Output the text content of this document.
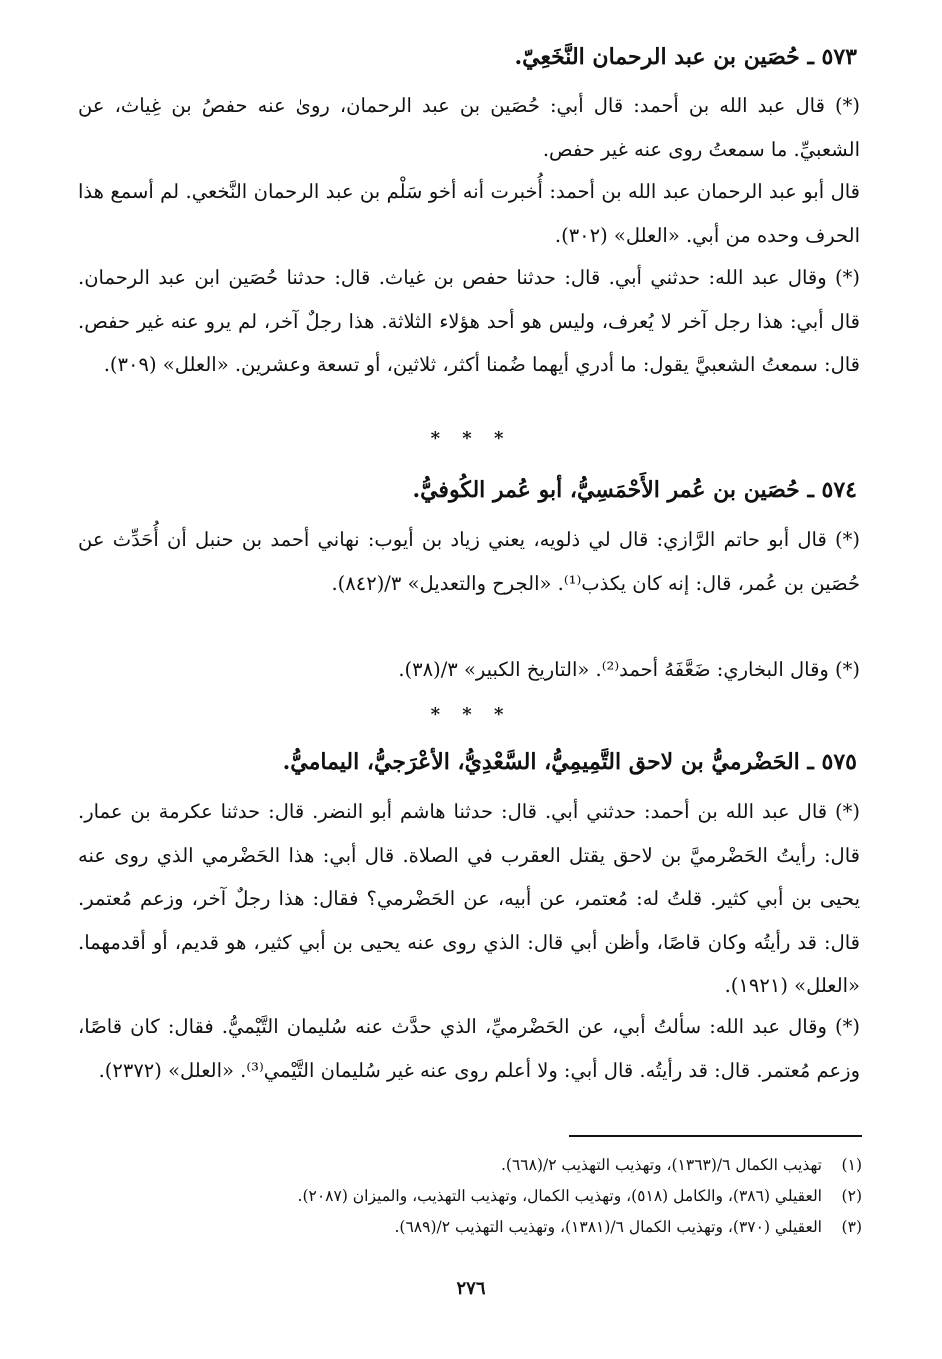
٥٧٣ ـ حُصَين بن عبد الرحمان النَّخَعِيّ.
(*) قال عبد الله بن أحمد: قال أبي: حُصَين بن عبد الرحمان، روىٰ عنه حفصُ بن غِياث، عن الشعبيِّ. ما سمعتُ روى عنه غير حفص.
قال أبو عبد الرحمان عبد الله بن أحمد: أُخبرت أنه أخو سَلْم بن عبد الرحمان النَّخعي. لم أسمع هذا الحرف وحده من أبي. «العلل» (٣٠٢).
(*) وقال عبد الله: حدثني أبي. قال: حدثنا حفص بن غياث. قال: حدثنا حُصَين ابن عبد الرحمان. قال أبي: هذا رجل آخر لا يُعرف، وليس هو أحد هؤلاء الثلاثة. هذا رجلٌ آخر، لم يرو عنه غير حفص. قال: سمعتُ الشعبيَّ يقول: ما أدري أيهما ضُمنا أكثر، ثلاثين، أو تسعة وعشرين. «العلل» (٣٠٩).
* * *
٥٧٤ ـ حُصَين بن عُمر الأَحْمَسِيُّ، أبو عُمر الكُوفيُّ.
(*) قال أبو حاتم الرَّازي: قال لي ذلويه، يعني زياد بن أيوب: نهاني أحمد بن حنبل أن أُحَدِّث عن حُصَين بن عُمر، قال: إنه كان يكذب⁽¹⁾. «الجرح والتعديل» ٣/(٨٤٢).
(*) وقال البخاري: ضَعَّفَهُ أحمد⁽²⁾. «التاريخ الكبير» ٣/(٣٨).
* * *
٥٧٥ ـ الحَضْرميُّ بن لاحق التَّمِيمِيُّ، السَّعْدِيُّ، الأعْرَجيُّ، اليماميُّ.
(*) قال عبد الله بن أحمد: حدثني أبي. قال: حدثنا هاشم أبو النضر. قال: حدثنا عكرمة بن عمار. قال: رأيتُ الحَضْرميَّ بن لاحق يقتل العقرب في الصلاة. قال أبي: هذا الحَضْرمي الذي روى عنه يحيى بن أبي كثير. قلتُ له: مُعتمر، عن أبيه، عن الحَضْرمي؟ فقال: هذا رجلٌ آخر، وزعم مُعتمر. قال: قد رأيتُه وكان قاصًا، وأظن أبي قال: الذي روى عنه يحيى بن أبي كثير، هو قديم، أو أقدمهما. «العلل» (١٩٢١).
(*) وقال عبد الله: سألتُ أبي، عن الحَضْرميِّ، الذي حدَّث عنه سُليمان التَّيْميُّ. فقال: كان قاصًا، وزعم مُعتمر. قال: قد رأيتُه. قال أبي: ولا أعلم روى عنه غير سُليمان التَّيْمي⁽³⁾. «العلل» (٢٣٧٢).
(١)تهذيب الكمال ٦/(١٣٦٣)، وتهذيب التهذيب ٢/(٦٦٨).
(٢)العقيلي (٣٨٦)، والكامل (٥١٨)، وتهذيب الكمال، وتهذيب التهذيب، والميزان (٢٠٨٧).
(٣)العقيلي (٣٧٠)، وتهذيب الكمال ٦/(١٣٨١)، وتهذيب التهذيب ٢/(٦٨٩).
٢٧٦
